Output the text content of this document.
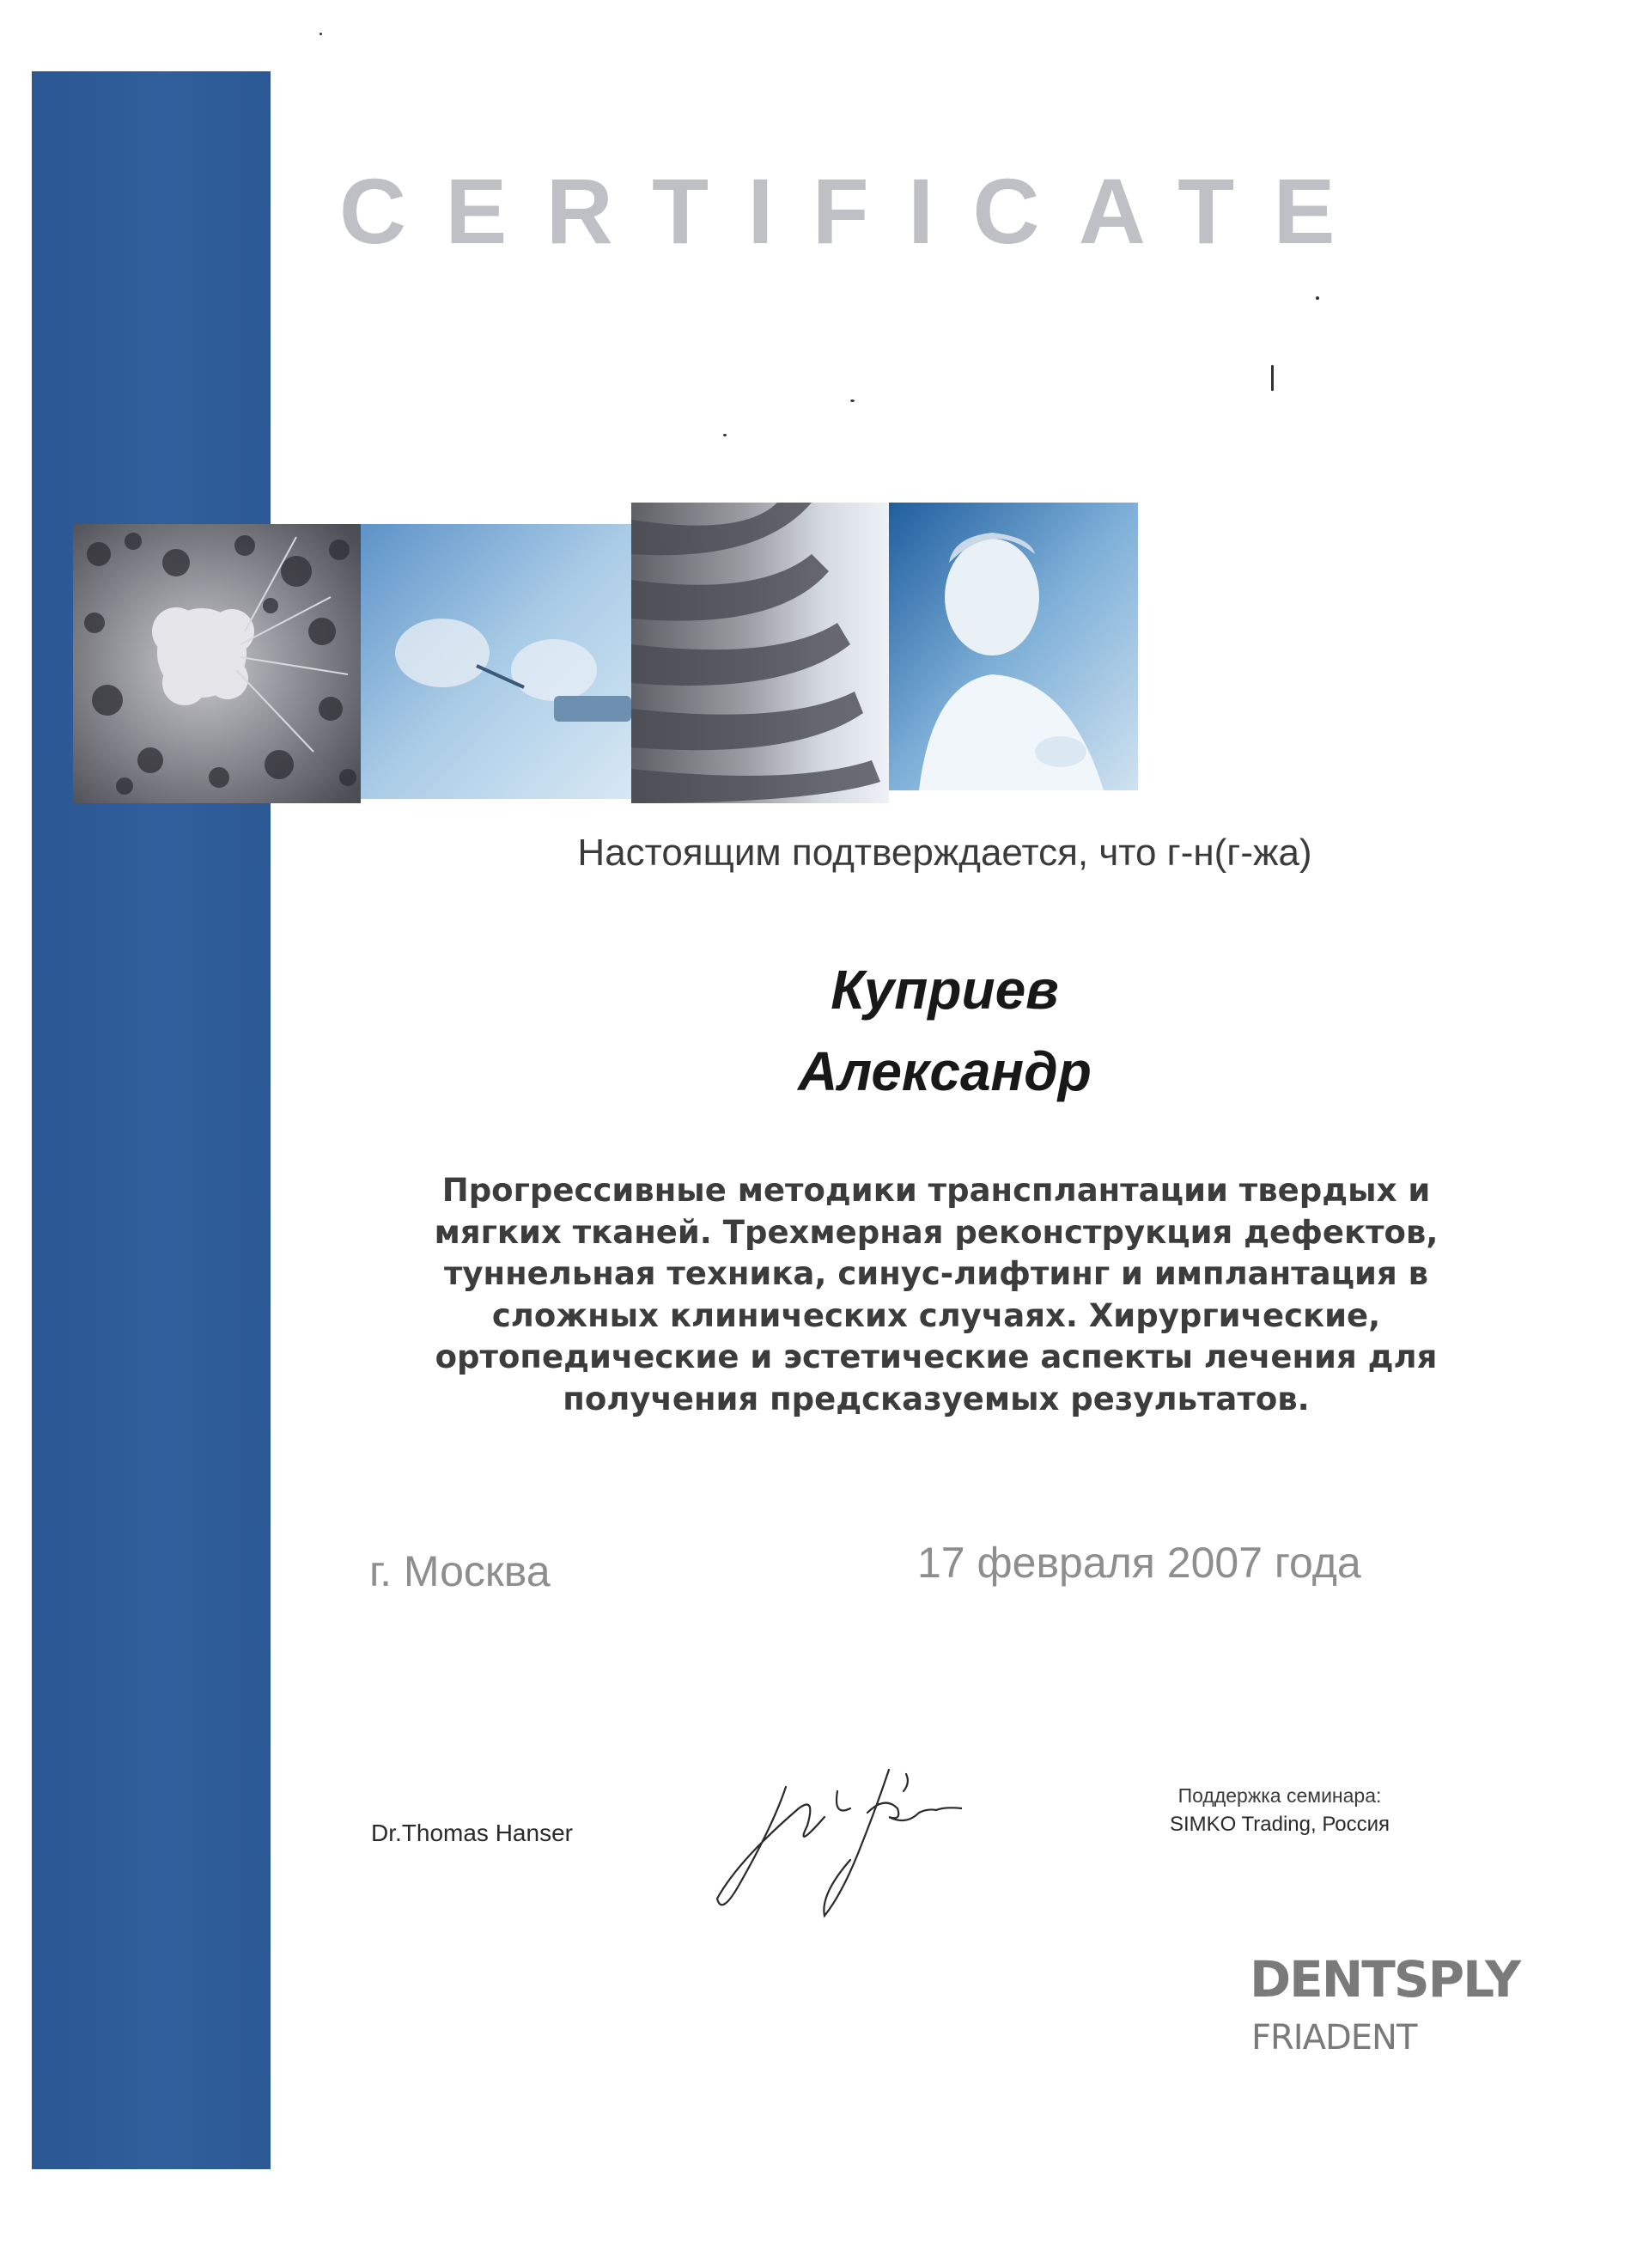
CERTIFICATE
Настоящим подтверждается, что г-н(г-жа)
Куприев
Александр
Прогрессивные методики трансплантации твердых и
мягких тканей. Трехмерная реконструкция дефектов,
туннельная техника, синус-лифтинг и имплантация в
сложных клинических случаях. Хирургические,
ортопедические и эстетические аспекты лечения для
получения предсказуемых результатов.
г. Москва	17 февраля 2007 года
Dr.Thomas Hanser
Поддержка семинара:
SIMKO Trading, Россия
DENTSPLY
FRIADENT
